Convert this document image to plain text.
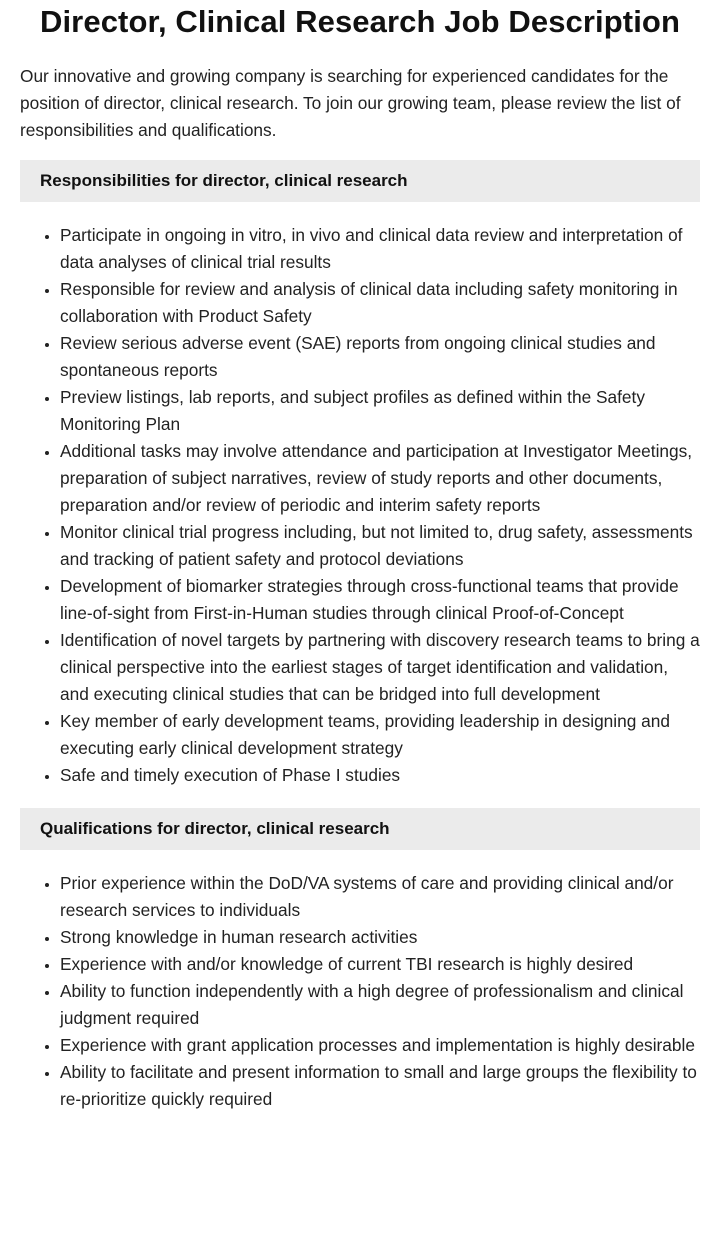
Director, Clinical Research Job Description

Our innovative and growing company is searching for experienced candidates for the position of director, clinical research. To join our growing team, please review the list of responsibilities and qualifications.

Responsibilities for director, clinical research
• Participate in ongoing in vitro, in vivo and clinical data review and interpretation of data analyses of clinical trial results
• Responsible for review and analysis of clinical data including safety monitoring in collaboration with Product Safety
• Review serious adverse event (SAE) reports from ongoing clinical studies and spontaneous reports
• Preview listings, lab reports, and subject profiles as defined within the Safety Monitoring Plan
• Additional tasks may involve attendance and participation at Investigator Meetings, preparation of subject narratives, review of study reports and other documents, preparation and/or review of periodic and interim safety reports
• Monitor clinical trial progress including, but not limited to, drug safety, assessments and tracking of patient safety and protocol deviations
• Development of biomarker strategies through cross-functional teams that provide line-of-sight from First-in-Human studies through clinical Proof-of-Concept
• Identification of novel targets by partnering with discovery research teams to bring a clinical perspective into the earliest stages of target identification and validation, and executing clinical studies that can be bridged into full development
• Key member of early development teams, providing leadership in designing and executing early clinical development strategy
• Safe and timely execution of Phase I studies
Qualifications for director, clinical research
• Prior experience within the DoD/VA systems of care and providing clinical and/or research services to individuals
• Strong knowledge in human research activities
• Experience with and/or knowledge of current TBI research is highly desired
• Ability to function independently with a high degree of professionalism and clinical judgment required
• Experience with grant application processes and implementation is highly desirable
• Ability to facilitate and present information to small and large groups the flexibility to re-prioritize quickly required
